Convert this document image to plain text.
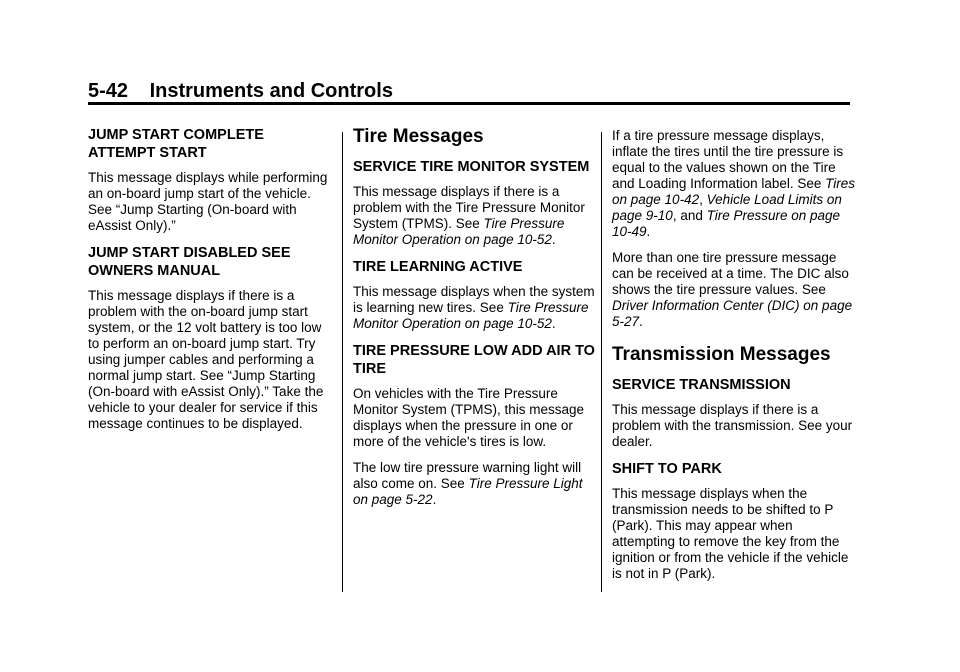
5-42 Instruments and Controls
JUMP START COMPLETE ATTEMPT START
This message displays while performing an on-board jump start of the vehicle. See “Jump Starting (On-board with eAssist Only).”
JUMP START DISABLED SEE OWNERS MANUAL
This message displays if there is a problem with the on-board jump start system, or the 12 volt battery is too low to perform an on-board jump start. Try using jumper cables and performing a normal jump start. See “Jump Starting (On-board with eAssist Only).” Take the vehicle to your dealer for service if this message continues to be displayed.
Tire Messages
SERVICE TIRE MONITOR SYSTEM
This message displays if there is a problem with the Tire Pressure Monitor System (TPMS). See Tire Pressure Monitor Operation on page 10-52.
TIRE LEARNING ACTIVE
This message displays when the system is learning new tires. See Tire Pressure Monitor Operation on page 10-52.
TIRE PRESSURE LOW ADD AIR TO TIRE
On vehicles with the Tire Pressure Monitor System (TPMS), this message displays when the pressure in one or more of the vehicle's tires is low.
The low tire pressure warning light will also come on. See Tire Pressure Light on page 5-22.
If a tire pressure message displays, inflate the tires until the tire pressure is equal to the values shown on the Tire and Loading Information label. See Tires on page 10-42, Vehicle Load Limits on page 9-10, and Tire Pressure on page 10-49.
More than one tire pressure message can be received at a time. The DIC also shows the tire pressure values. See Driver Information Center (DIC) on page 5-27.
Transmission Messages
SERVICE TRANSMISSION
This message displays if there is a problem with the transmission. See your dealer.
SHIFT TO PARK
This message displays when the transmission needs to be shifted to P (Park). This may appear when attempting to remove the key from the ignition or from the vehicle if the vehicle is not in P (Park).
